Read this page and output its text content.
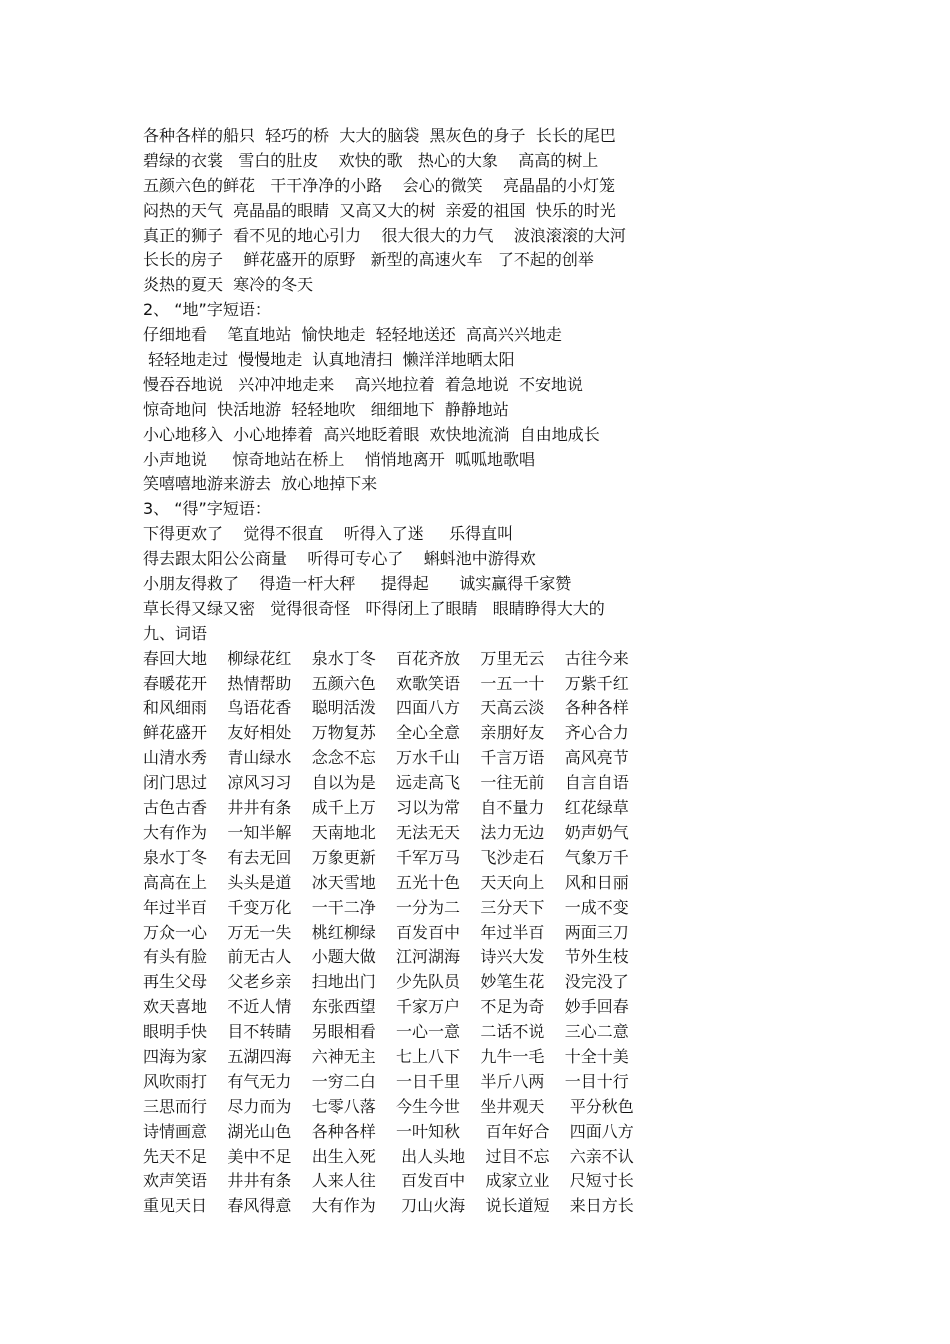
各种各样的船只  轻巧的桥  大大的脑袋  黑灰色的身子  长长的尾巴
碧绿的衣裳   雪白的肚皮    欢快的歌   热心的大象    高高的树上
五颜六色的鲜花   干干净净的小路    会心的微笑    亮晶晶的小灯笼
闷热的天气  亮晶晶的眼睛  又高又大的树  亲爱的祖国  快乐的时光
真正的狮子  看不见的地心引力    很大很大的力气    波浪滚滚的大河
长长的房子    鲜花盛开的原野   新型的高速火车   了不起的创举
炎热的夏天  寒冷的冬天
2、 “地”字短语：
仔细地看    笔直地站  愉快地走  轻轻地送还  高高兴兴地走
轻轻地走过  慢慢地走  认真地清扫  懒洋洋地晒太阳
慢吞吞地说   兴冲冲地走来    高兴地拉着  着急地说  不安地说
惊奇地问  快活地游  轻轻地吹   细细地下  静静地站
小心地移入  小心地捧着  高兴地眨着眼  欢快地流淌  自由地成长
小声地说     惊奇地站在桥上    悄悄地离开  呱呱地歌唱
笑嘻嘻地游来游去  放心地掉下来
3、 “得”字短语：
下得更欢了    觉得不很直    听得入了迷     乐得直叫
得去跟太阳公公商量    听得可专心了    蝌蚪池中游得欢
小朋友得救了    得造一杆大秤     提得起      诚实赢得千家赞
草长得又绿又密   觉得很奇怪   吓得闭上了眼睛   眼睛睁得大大的
九、词语
春回大地    柳绿花红    泉水丁冬    百花齐放    万里无云    古往今来
春暖花开    热情帮助    五颜六色    欢歌笑语    一五一十    万紫千红
和风细雨    鸟语花香    聪明活泼    四面八方    天高云淡    各种各样
鲜花盛开    友好相处    万物复苏    全心全意    亲朋好友    齐心合力
山清水秀    青山绿水    念念不忘    万水千山    千言万语    高风亮节
闭门思过    凉风习习    自以为是    远走高飞    一往无前    自言自语
古色古香    井井有条    成千上万    习以为常    自不量力    红花绿草
大有作为    一知半解    天南地北    无法无天    法力无边    奶声奶气
泉水丁冬    有去无回    万象更新    千军万马    飞沙走石    气象万千
高高在上    头头是道    冰天雪地    五光十色    天天向上    风和日丽
年过半百    千变万化    一干二净    一分为二    三分天下    一成不变
万众一心    万无一失    桃红柳绿    百发百中    年过半百    两面三刀
有头有脸    前无古人    小题大做    江河湖海    诗兴大发    节外生枝
再生父母    父老乡亲    扫地出门    少先队员    妙笔生花    没完没了
欢天喜地    不近人情    东张西望    千家万户    不足为奇    妙手回春
眼明手快    目不转睛    另眼相看    一心一意    二话不说    三心二意
四海为家    五湖四海    六神无主    七上八下    九牛一毛    十全十美
风吹雨打    有气无力    一穷二白    一日千里    半斤八两    一目十行
三思而行    尽力而为    七零八落    今生今世    坐井观天     平分秋色
诗情画意    湖光山色    各种各样    一叶知秋     百年好合    四面八方
先天不足    美中不足    出生入死     出人头地    过目不忘    六亲不认
欢声笑语    井井有条    人来人往     百发百中    成家立业    尺短寸长
重见天日    春风得意    大有作为     刀山火海    说长道短    来日方长
